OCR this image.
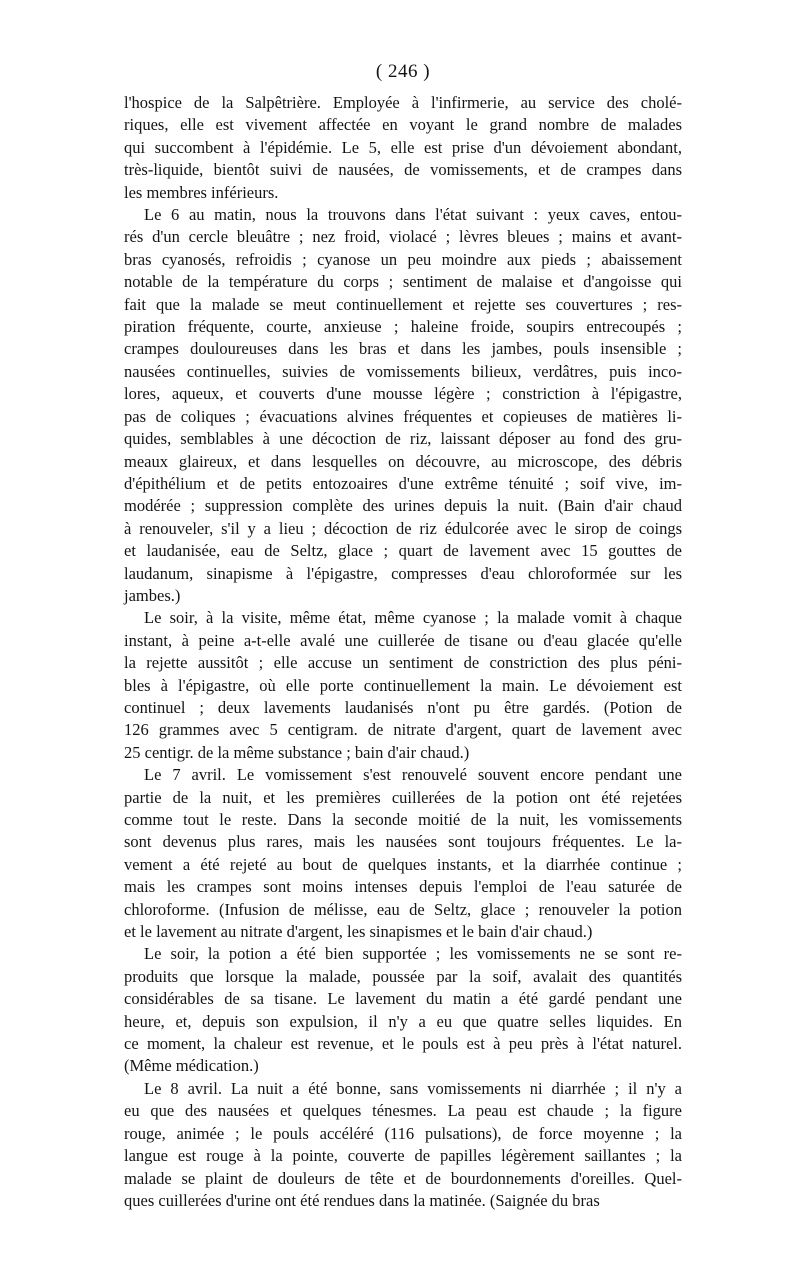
( 246 )
l'hospice de la Salpêtrière. Employée à l'infirmerie, au service des cholé-
riques, elle est vivement affectée en voyant le grand nombre de malades
qui succombent à l'épidémie. Le 5, elle est prise d'un dévoiement abondant,
très-liquide, bientôt suivi de nausées, de vomissements, et de crampes dans
les membres inférieurs.
Le 6 au matin, nous la trouvons dans l'état suivant : yeux caves, entou-
rés d'un cercle bleuâtre ; nez froid, violacé ; lèvres bleues ; mains et avant-
bras cyanosés, refroidis ; cyanose un peu moindre aux pieds ; abaissement
notable de la température du corps ; sentiment de malaise et d'angoisse qui
fait que la malade se meut continuellement et rejette ses couvertures ; res-
piration fréquente, courte, anxieuse ; haleine froide, soupirs entrecoupés ;
crampes douloureuses dans les bras et dans les jambes, pouls insensible ;
nausées continuelles, suivies de vomissements bilieux, verdâtres, puis inco-
lores, aqueux, et couverts d'une mousse légère ; constriction à l'épigastre,
pas de coliques ; évacuations alvines fréquentes et copieuses de matières li-
quides, semblables à une décoction de riz, laissant déposer au fond des gru-
meaux glaireux, et dans lesquelles on découvre, au microscope, des débris
d'épithélium et de petits entozoaires d'une extrême ténuité ; soif vive, im-
modérée ; suppression complète des urines depuis la nuit. (Bain d'air chaud
à renouveler, s'il y a lieu ; décoction de riz édulcorée avec le sirop de coings
et laudanisée, eau de Seltz, glace ; quart de lavement avec 15 gouttes de
laudanum, sinapisme à l'épigastre, compresses d'eau chloroformée sur les
jambes.)
Le soir, à la visite, même état, même cyanose ; la malade vomit à chaque
instant, à peine a-t-elle avalé une cuillerée de tisane ou d'eau glacée qu'elle
la rejette aussitôt ; elle accuse un sentiment de constriction des plus péni-
bles à l'épigastre, où elle porte continuellement la main. Le dévoiement est
continuel ; deux lavements laudanisés n'ont pu être gardés. (Potion de
126 grammes avec 5 centigram. de nitrate d'argent, quart de lavement avec
25 centigr. de la même substance ; bain d'air chaud.)
Le 7 avril. Le vomissement s'est renouvelé souvent encore pendant une
partie de la nuit, et les premières cuillerées de la potion ont été rejetées
comme tout le reste. Dans la seconde moitié de la nuit, les vomissements
sont devenus plus rares, mais les nausées sont toujours fréquentes. Le la-
vement a été rejeté au bout de quelques instants, et la diarrhée continue ;
mais les crampes sont moins intenses depuis l'emploi de l'eau saturée de
chloroforme. (Infusion de mélisse, eau de Seltz, glace ; renouveler la potion
et le lavement au nitrate d'argent, les sinapismes et le bain d'air chaud.)
Le soir, la potion a été bien supportée ; les vomissements ne se sont re-
produits que lorsque la malade, poussée par la soif, avalait des quantités
considérables de sa tisane. Le lavement du matin a été gardé pendant une
heure, et, depuis son expulsion, il n'y a eu que quatre selles liquides. En
ce moment, la chaleur est revenue, et le pouls est à peu près à l'état naturel.
(Même médication.)
Le 8 avril. La nuit a été bonne, sans vomissements ni diarrhée ; il n'y a
eu que des nausées et quelques ténesmes. La peau est chaude ; la figure
rouge, animée ; le pouls accéléré (116 pulsations), de force moyenne ; la
langue est rouge à la pointe, couverte de papilles légèrement saillantes ; la
malade se plaint de douleurs de tête et de bourdonnements d'oreilles. Quel-
ques cuillerées d'urine ont été rendues dans la matinée. (Saignée du bras
